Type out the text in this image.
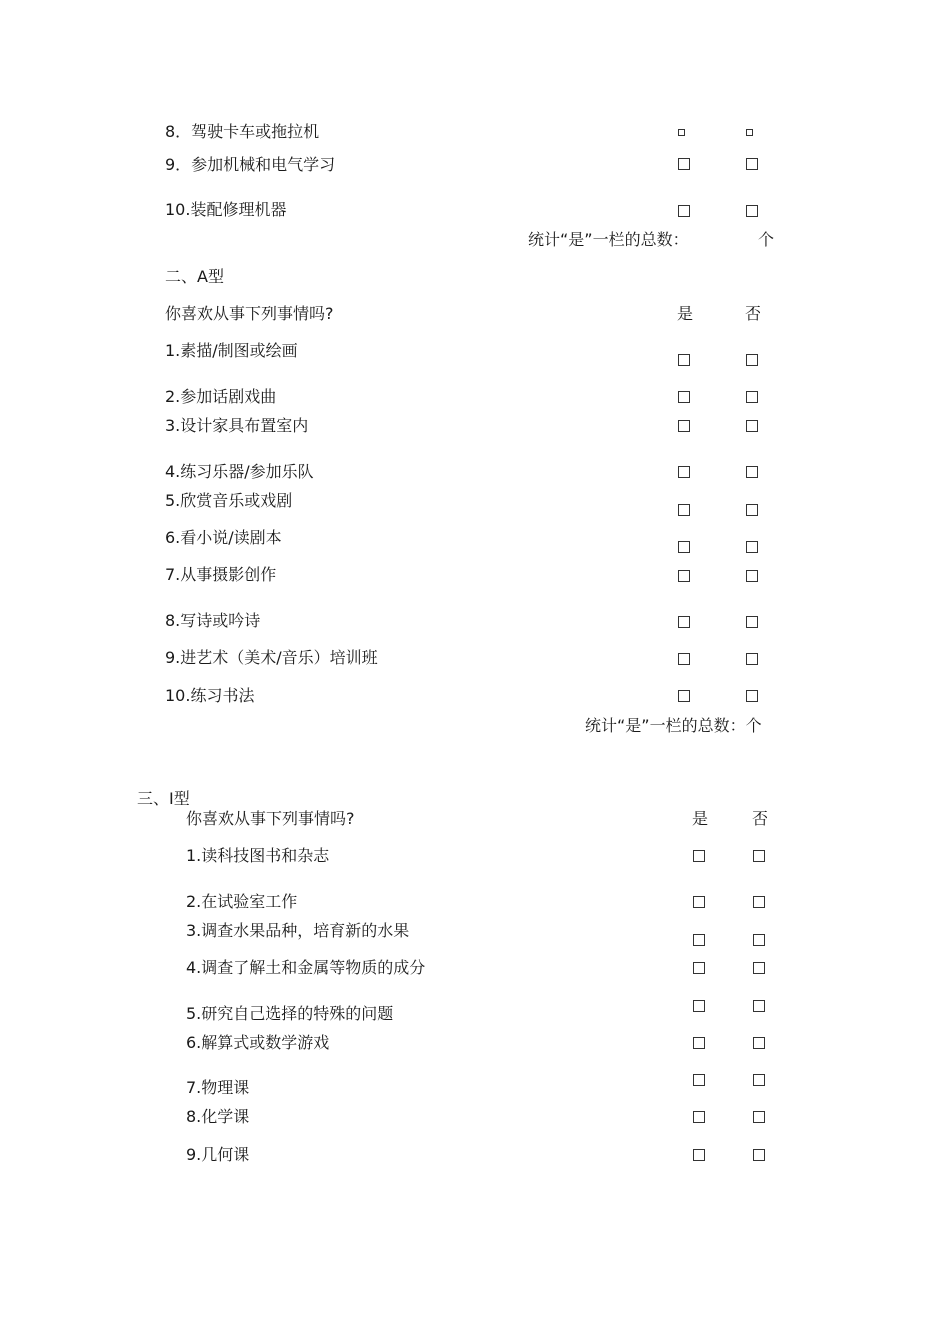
8．驾驶卡车或拖拉机
9．参加机械和电气学习
10.装配修理机器
统计“是”一栏的总数：	个
二、A型
你喜欢从事下列事情吗?	是	否
1.素描/制图或绘画
2.参加话剧戏曲
3.设计家具布置室内
4.练习乐器/参加乐队
5.欣赏音乐或戏剧
6.看小说/读剧本
7.从事摄影创作
8.写诗或吟诗
9.进艺术（美术/音乐）培训班
10.练习书法
统计“是”一栏的总数：个
三、I型
你喜欢从事下列事情吗?	是	否
1.读科技图书和杂志
2.在试验室工作
3.调查水果品种，培育新的水果
4.调查了解土和金属等物质的成分
5.研究自己选择的特殊的问题
6.解算式或数学游戏
7.物理课
8.化学课
9.几何课
